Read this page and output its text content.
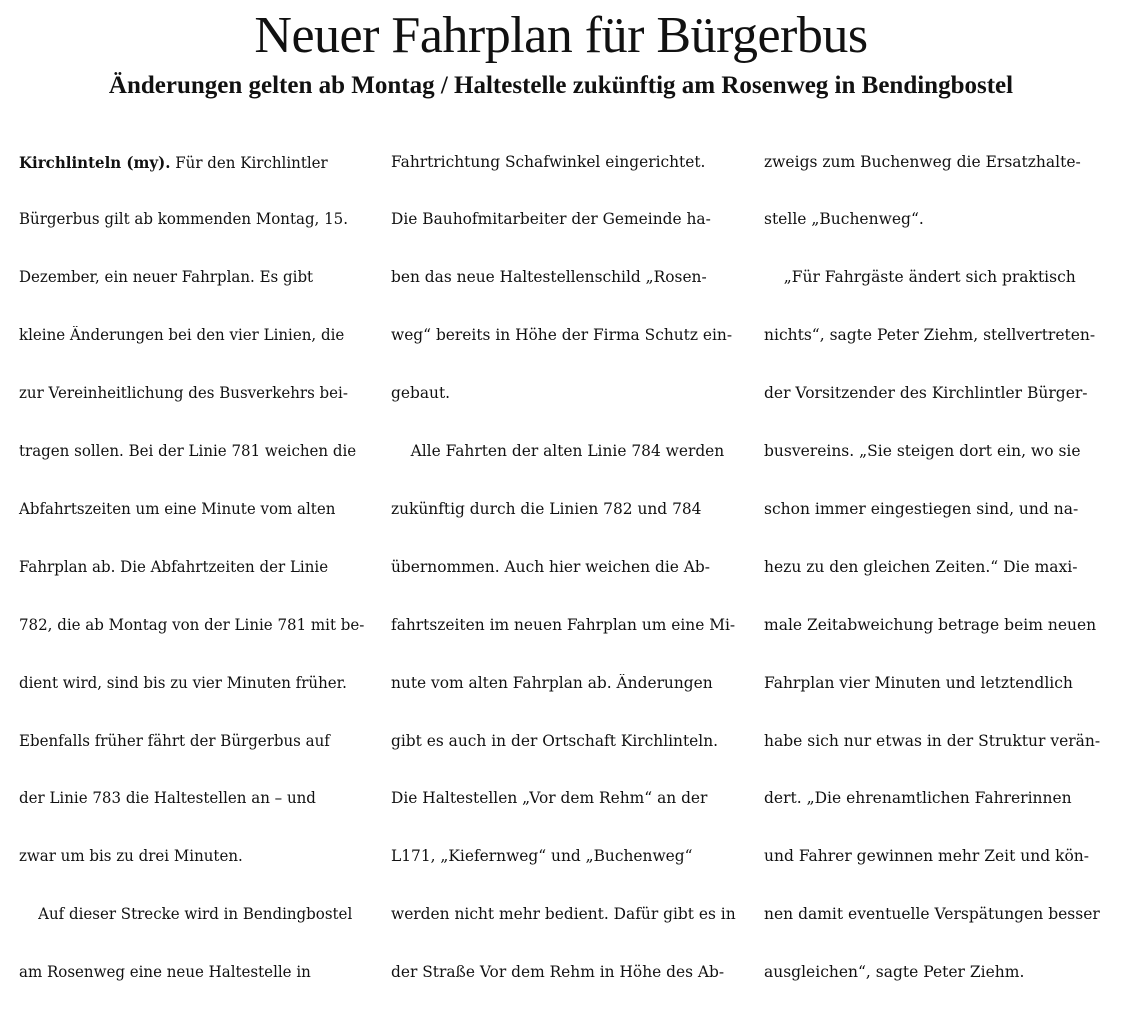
Neuer Fahrplan für Bürgerbus
Änderungen gelten ab Montag / Haltestelle zukünftig am Rosenweg in Bendingbostel

Kirchlinteln (my). Für den Kirchlintler

Bürgerbus gilt ab kommenden Montag, 15.

Dezember, ein neuer Fahrplan. Es gibt

kleine Änderungen bei den vier Linien, die

zur Vereinheitlichung des Busverkehrs bei-

tragen sollen. Bei der Linie 781 weichen die

Abfahrtszeiten um eine Minute vom alten

Fahrplan ab. Die Abfahrtzeiten der Linie

782, die ab Montag von der Linie 781 mit be-

dient wird, sind bis zu vier Minuten früher.

Ebenfalls früher fährt der Bürgerbus auf

der Linie 783 die Haltestellen an – und

zwar um bis zu drei Minuten.

Auf dieser Strecke wird in Bendingbostel

am Rosenweg eine neue Haltestelle in

Fahrtrichtung Schafwinkel eingerichtet.

Die Bauhofmitarbeiter der Gemeinde ha-

ben das neue Haltestellenschild „Rosen-

weg“ bereits in Höhe der Firma Schutz ein-

gebaut.

Alle Fahrten der alten Linie 784 werden

zukünftig durch die Linien 782 und 784

übernommen. Auch hier weichen die Ab-

fahrtszeiten im neuen Fahrplan um eine Mi-

nute vom alten Fahrplan ab. Änderungen

gibt es auch in der Ortschaft Kirchlinteln.

Die Haltestellen „Vor dem Rehm“ an der

L171, „Kiefernweg“ und „Buchenweg“

werden nicht mehr bedient. Dafür gibt es in

der Straße Vor dem Rehm in Höhe des Ab-

zweigs zum Buchenweg die Ersatzhalte-

stelle „Buchenweg“.

„Für Fahrgäste ändert sich praktisch

nichts“, sagte Peter Ziehm, stellvertreten-

der Vorsitzender des Kirchlintler Bürger-

busvereins. „Sie steigen dort ein, wo sie

schon immer eingestiegen sind, und na-

hezu zu den gleichen Zeiten.“ Die maxi-

male Zeitabweichung betrage beim neuen

Fahrplan vier Minuten und letztendlich

habe sich nur etwas in der Struktur verän-

dert. „Die ehrenamtlichen Fahrerinnen

und Fahrer gewinnen mehr Zeit und kön-

nen damit eventuelle Verspätungen besser

ausgleichen“, sagte Peter Ziehm.
